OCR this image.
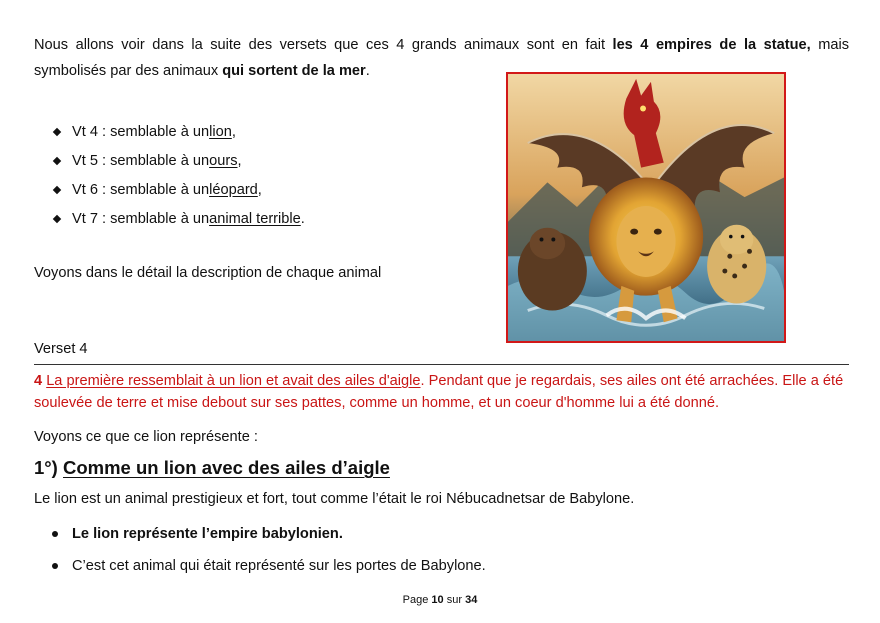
Nous allons voir dans la suite des versets que ces 4 grands animaux sont en fait les 4 empires de la statue, mais symbolisés par des animaux qui sortent de la mer.

Vt 4 : semblable à un lion ,
Vt 5 : semblable à un ours ,
Vt 6 : semblable à un léopard ,
Vt 7 : semblable à un animal terrible .
Voyons dans le détail la description de chaque animal
Verset 4
4 La première ressemblait à un lion et avait des ailes d'aigle. Pendant que je regardais, ses ailes ont été arrachées. Elle a été soulevée de terre et mise debout sur ses pattes, comme un homme, et un coeur d'homme lui a été donné.
Voyons ce que ce lion représente :
1°) Comme un lion avec des ailes d’aigle
Le lion est un animal prestigieux et fort, tout comme l’était le roi Nébucadnetsar de Babylone.
Le lion représente l’empire babylonien.
C’est cet animal qui était représenté sur les portes de Babylone.
Page 10 sur 34
